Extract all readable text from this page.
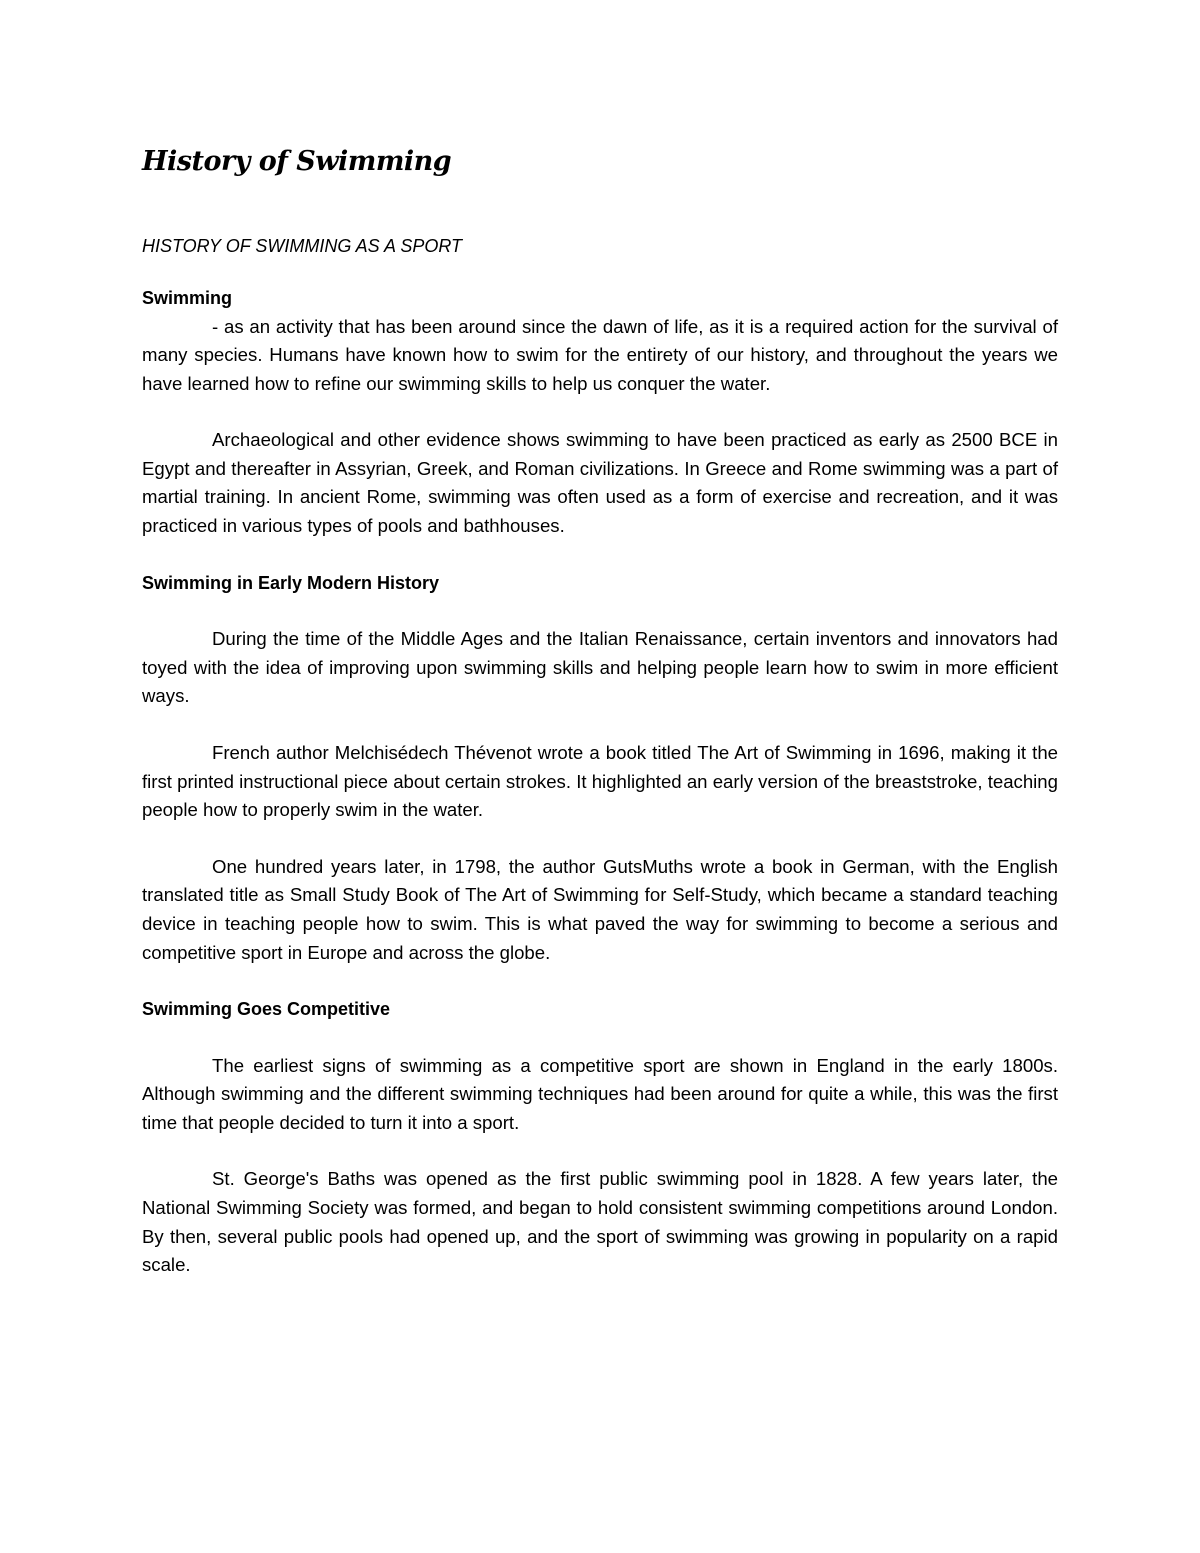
History of Swimming
HISTORY OF SWIMMING AS A SPORT
Swimming

- as an activity that has been around since the dawn of life, as it is a required action for the survival of many species. Humans have known how to swim for the entirety of our history, and throughout the years we have learned how to refine our swimming skills to help us conquer the water.

Archaeological and other evidence shows swimming to have been practiced as early as 2500 BCE in Egypt and thereafter in Assyrian, Greek, and Roman civilizations. In Greece and Rome swimming was a part of martial training. In ancient Rome, swimming was often used as a form of exercise and recreation, and it was practiced in various types of pools and bathhouses.

Swimming in Early Modern History

During the time of the Middle Ages and the Italian Renaissance, certain inventors and innovators had toyed with the idea of improving upon swimming skills and helping people learn how to swim in more efficient ways.

French author Melchisédech Thévenot wrote a book titled The Art of Swimming in 1696, making it the first printed instructional piece about certain strokes. It highlighted an early version of the breaststroke, teaching people how to properly swim in the water.

One hundred years later, in 1798, the author GutsMuths wrote a book in German, with the English translated title as Small Study Book of The Art of Swimming for Self-Study, which became a standard teaching device in teaching people how to swim. This is what paved the way for swimming to become a serious and competitive sport in Europe and across the globe.

Swimming Goes Competitive

The earliest signs of swimming as a competitive sport are shown in England in the early 1800s. Although swimming and the different swimming techniques had been around for quite a while, this was the first time that people decided to turn it into a sport.

St. George's Baths was opened as the first public swimming pool in 1828. A few years later, the National Swimming Society was formed, and began to hold consistent swimming competitions around London. By then, several public pools had opened up, and the sport of swimming was growing in popularity on a rapid scale.
